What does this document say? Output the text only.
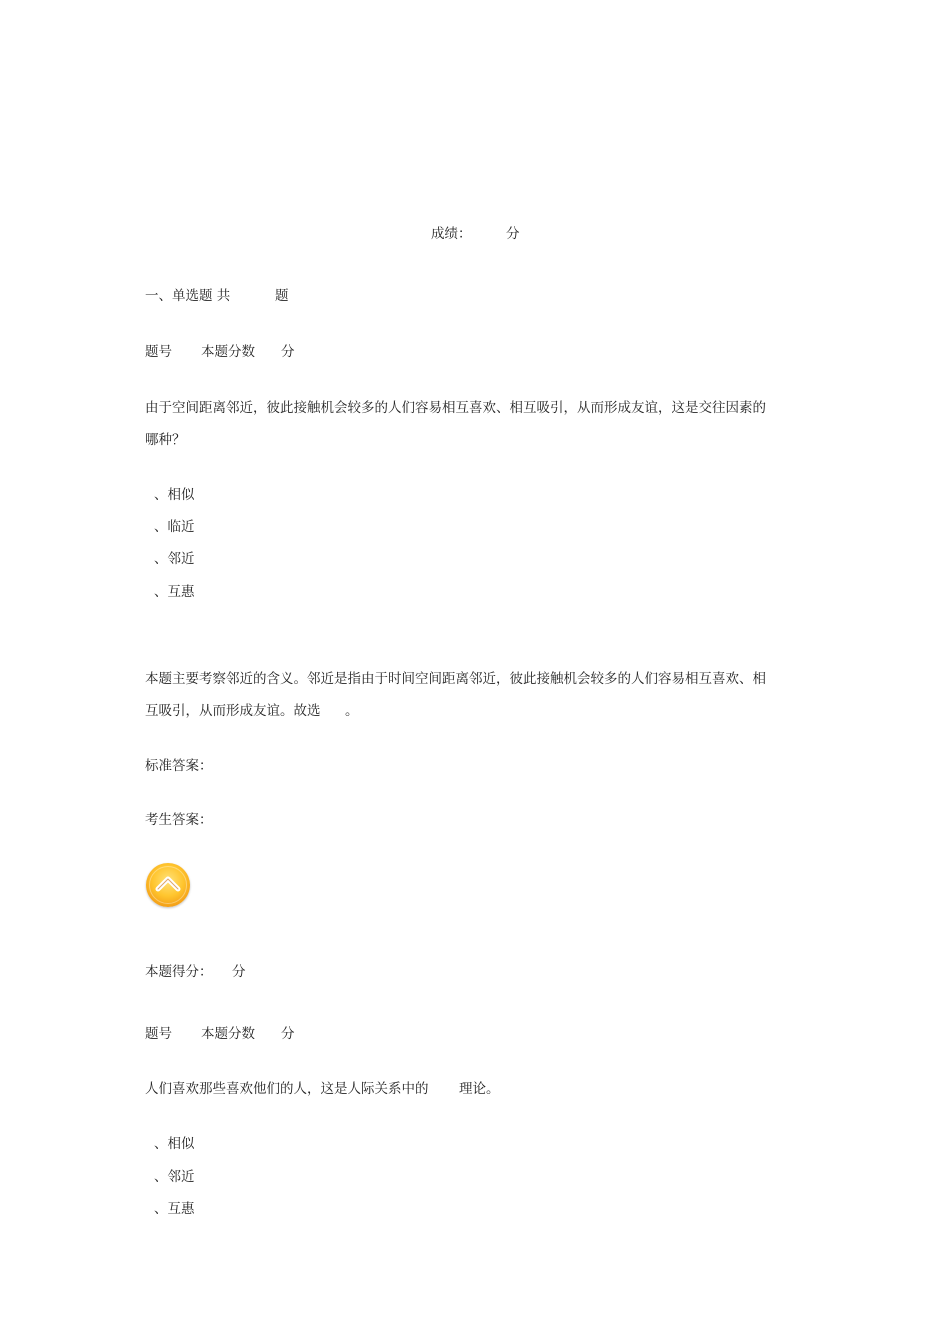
成绩：	分
一、单选题 共	题
题号 本题分数 分
由于空间距离邻近，彼此接触机会较多的人们容易相互喜欢、相互吸引，从而形成友谊，这是交往因素的
哪种？
、相似
、临近
、邻近
、互惠
本题主要考察邻近的含义。邻近是指由于时间空间距离邻近，彼此接触机会较多的人们容易相互喜欢、相
互吸引，从而形成友谊。故选 。
标准答案：
考生答案：
本题得分： 分
题号 本题分数 分
人们喜欢那些喜欢他们的人，这是人际关系中的 理论。
、相似
、邻近
、互惠
